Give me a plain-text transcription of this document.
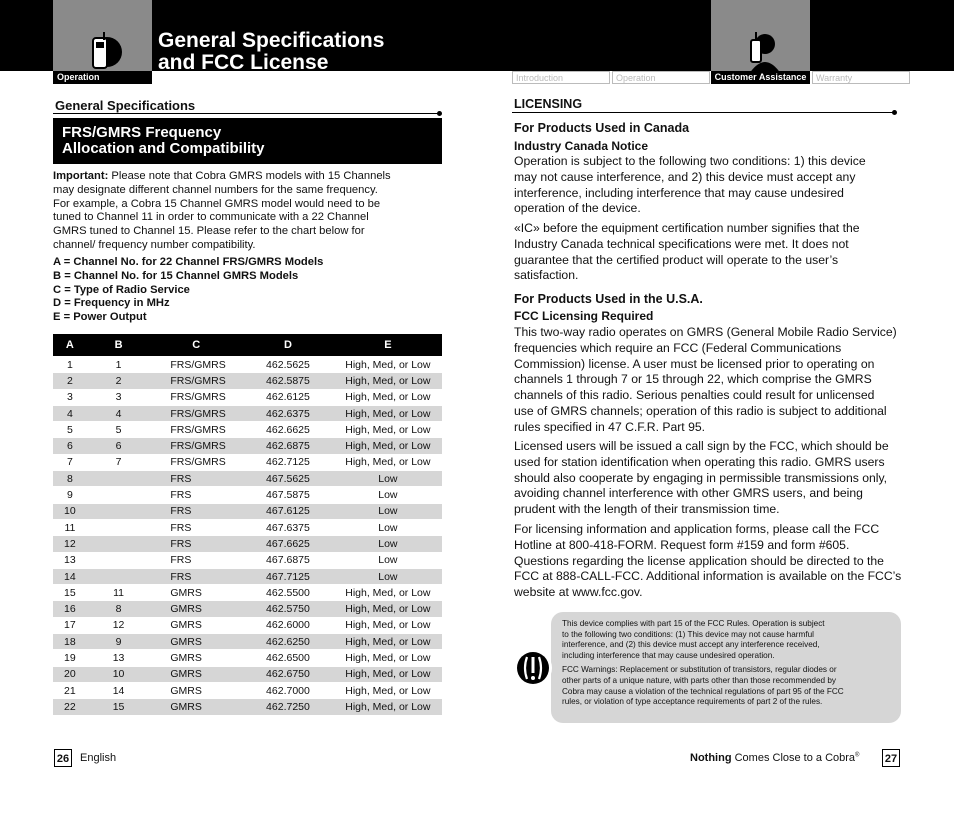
Operation
General Specifications
and FCC License
Customer Assistance
Introduction	Operation	Warranty
General Specifications
FRS/GMRS Frequency
Allocation and Compatibility
Important: Please note that Cobra GMRS models with 15 Channels
may designate different channel numbers for the same frequency.
For example, a Cobra 15 Channel GMRS model would need to be
tuned to Channel 11 in order to communicate with a 22 Channel
GMRS tuned to Channel 15. Please refer to the chart below for
channel/ frequency number compatibility.
A = Channel No. for 22 Channel FRS/GMRS Models
B = Channel No. for 15 Channel GMRS Models
C = Type of Radio Service
D = Frequency in MHz
E = Power Output
A	B	C	D	E
1	1	FRS/GMRS	462.5625	High, Med, or Low
2	2	FRS/GMRS	462.5875	High, Med, or Low
3	3	FRS/GMRS	462.6125	High, Med, or Low
4	4	FRS/GMRS	462.6375	High, Med, or Low
5	5	FRS/GMRS	462.6625	High, Med, or Low
6	6	FRS/GMRS	462.6875	High, Med, or Low
7	7	FRS/GMRS	462.7125	High, Med, or Low
8		FRS	467.5625	Low
9		FRS	467.5875	Low
10		FRS	467.6125	Low
11		FRS	467.6375	Low
12		FRS	467.6625	Low
13		FRS	467.6875	Low
14		FRS	467.7125	Low
15	11	GMRS	462.5500	High, Med, or Low
16	8	GMRS	462.5750	High, Med, or Low
17	12	GMRS	462.6000	High, Med, or Low
18	9	GMRS	462.6250	High, Med, or Low
19	13	GMRS	462.6500	High, Med, or Low
20	10	GMRS	462.6750	High, Med, or Low
21	14	GMRS	462.7000	High, Med, or Low
22	15	GMRS	462.7250	High, Med, or Low
LICENSING
For Products Used in Canada
Industry Canada Notice
Operation is subject to the following two conditions: 1) this device
may not cause interference, and 2) this device must accept any
interference, including interference that may cause undesired
operation of the device.
«IC» before the equipment certification number signifies that the
Industry Canada technical specifications were met. It does not
guarantee that the certified product will operate to the user’s
satisfaction.
For Products Used in the U.S.A.
FCC Licensing Required
This two-way radio operates on GMRS (General Mobile Radio Service)
frequencies which require an FCC (Federal Communications
Commission) license. A user must be licensed prior to operating on
channels 1 through 7 or 15 through 22, which comprise the GMRS
channels of this radio. Serious penalties could result for unlicensed
use of GMRS channels; operation of this radio is subject to additional
rules specified in 47 C.F.R. Part 95.
Licensed users will be issued a call sign by the FCC, which should be
used for station identification when operating this radio. GMRS users
should also cooperate by engaging in permissible transmissions only,
avoiding channel interference with other GMRS users, and being
prudent with the length of their transmission time.
For licensing information and application forms, please call the FCC
Hotline at 800-418-FORM. Request form #159 and form #605.
Questions regarding the license application should be directed to the
FCC at 888-CALL-FCC. Additional information is available on the FCC’s
website at www.fcc.gov.
This device complies with part 15 of the FCC Rules. Operation is subject
to the following two conditions: (1) This device may not cause harmful
interference, and (2) this device must accept any interference received,
including interference that may cause undesired operation.
FCC Warnings: Replacement or substitution of transistors, regular diodes or
other parts of a unique nature, with parts other than those recommended by
Cobra may cause a violation of the technical regulations of part 95 of the FCC
rules, or violation of type acceptance requirements of part 2 of the rules.
26 English	Nothing Comes Close to a Cobra® 27
